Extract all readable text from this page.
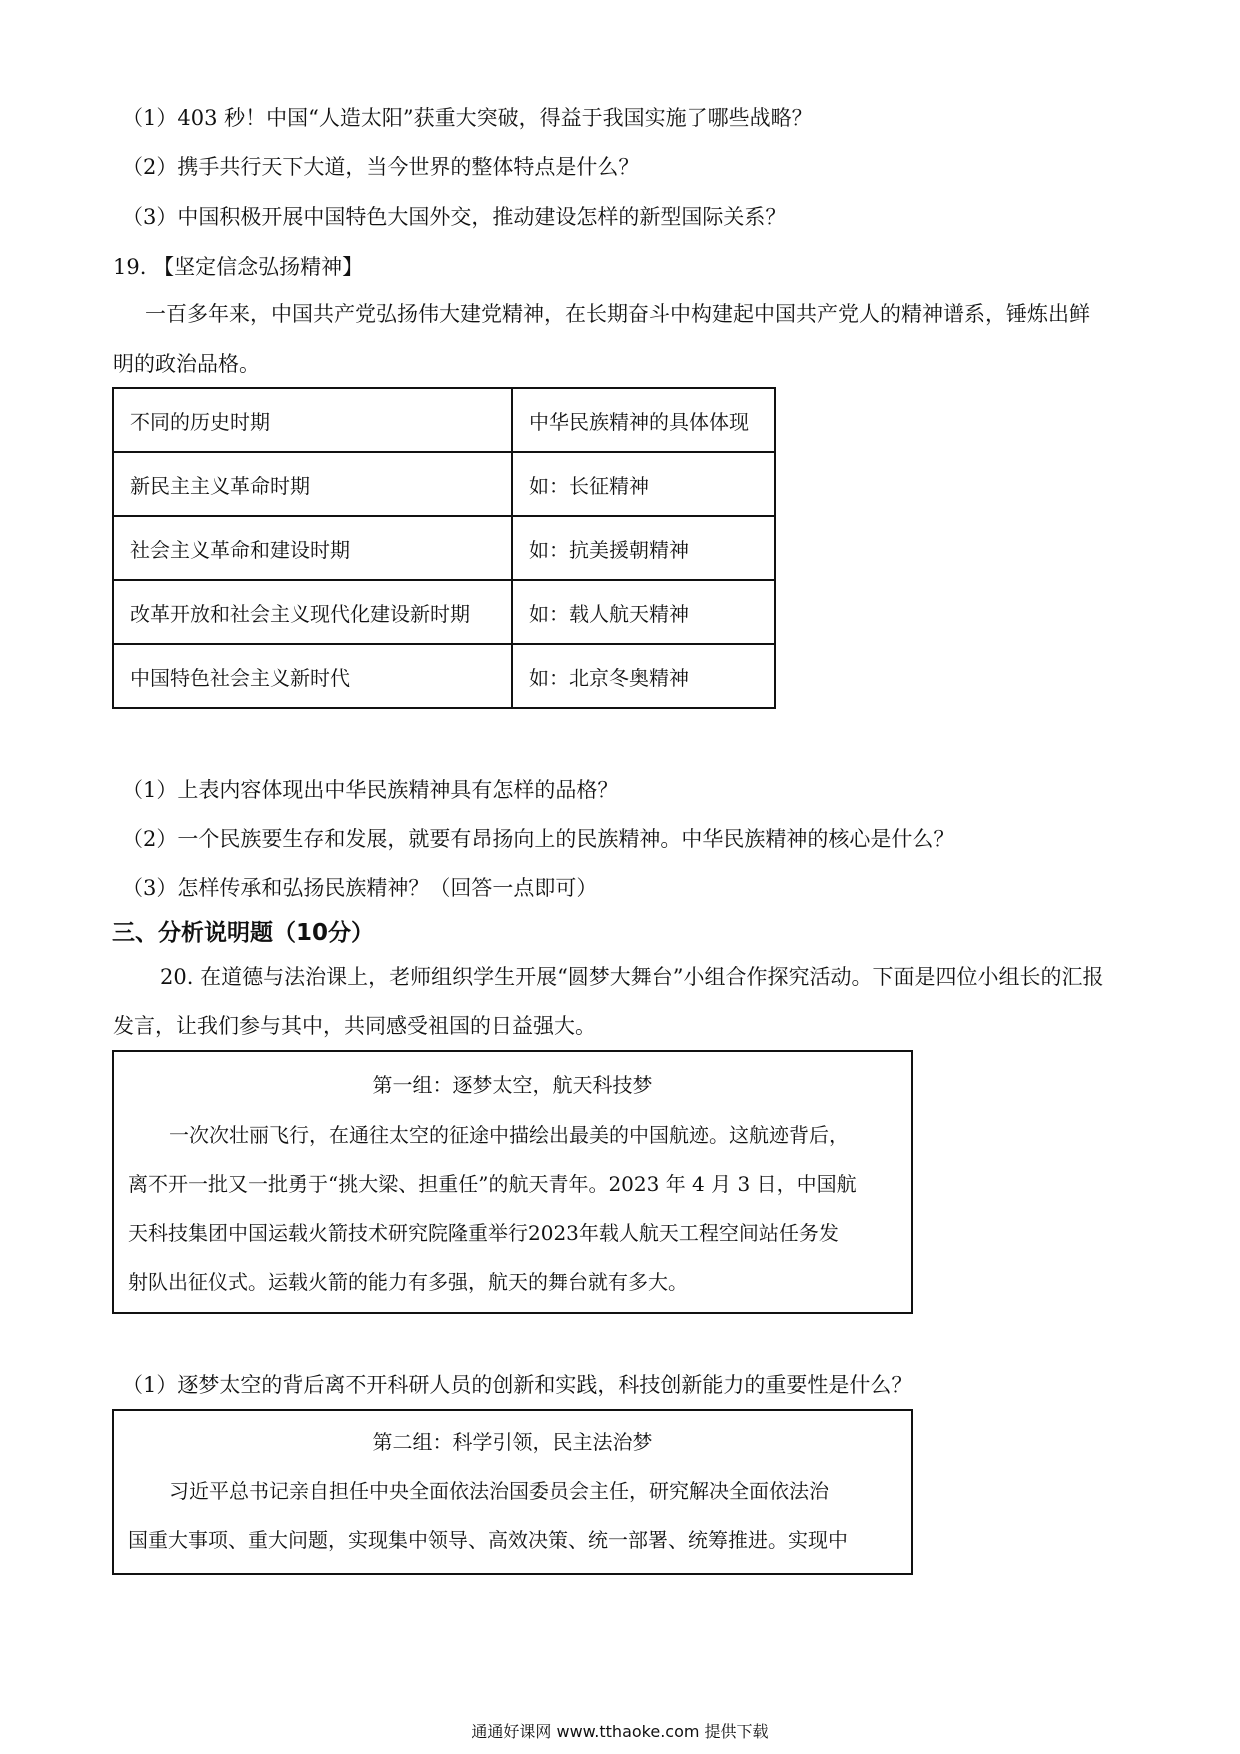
（1）403 秒！中国“人造太阳”获重大突破，得益于我国实施了哪些战略？
（2）携手共行天下大道，当今世界的整体特点是什么？
（3）中国积极开展中国特色大国外交，推动建设怎样的新型国际关系？
19. 【坚定信念弘扬精神】
一百多年来，中国共产党弘扬伟大建党精神，在长期奋斗中构建起中国共产党人的精神谱系，锤炼出鲜
明的政治品格。
不同的历史时期	中华民族精神的具体体现
新民主主义革命时期	如：长征精神
社会主义革命和建设时期	如：抗美援朝精神
改革开放和社会主义现代化建设新时期	如：载人航天精神
中国特色社会主义新时代	如：北京冬奥精神
（1）上表内容体现出中华民族精神具有怎样的品格？
（2）一个民族要生存和发展，就要有昂扬向上的民族精神。中华民族精神的核心是什么？
（3）怎样传承和弘扬民族精神？（回答一点即可）
三、分析说明题（10分）
20. 在道德与法治课上，老师组织学生开展“圆梦大舞台”小组合作探究活动。下面是四位小组长的汇报
发言，让我们参与其中，共同感受祖国的日益强大。
第一组：逐梦太空，航天科技梦
一次次壮丽飞行，在通往太空的征途中描绘出最美的中国航迹。这航迹背后，
离不开一批又一批勇于“挑大梁、担重任”的航天青年。2023 年 4 月 3 日，中国航
天科技集团中国运载火箭技术研究院隆重举行2023年载人航天工程空间站任务发
射队出征仪式。运载火箭的能力有多强，航天的舞台就有多大。
（1）逐梦太空的背后离不开科研人员的创新和实践，科技创新能力的重要性是什么？
第二组：科学引领，民主法治梦
习近平总书记亲自担任中央全面依法治国委员会主任，研究解决全面依法治
国重大事项、重大问题，实现集中领导、高效决策、统一部署、统筹推进。实现中
通通好课网 www.tthaoke.com 提供下载
